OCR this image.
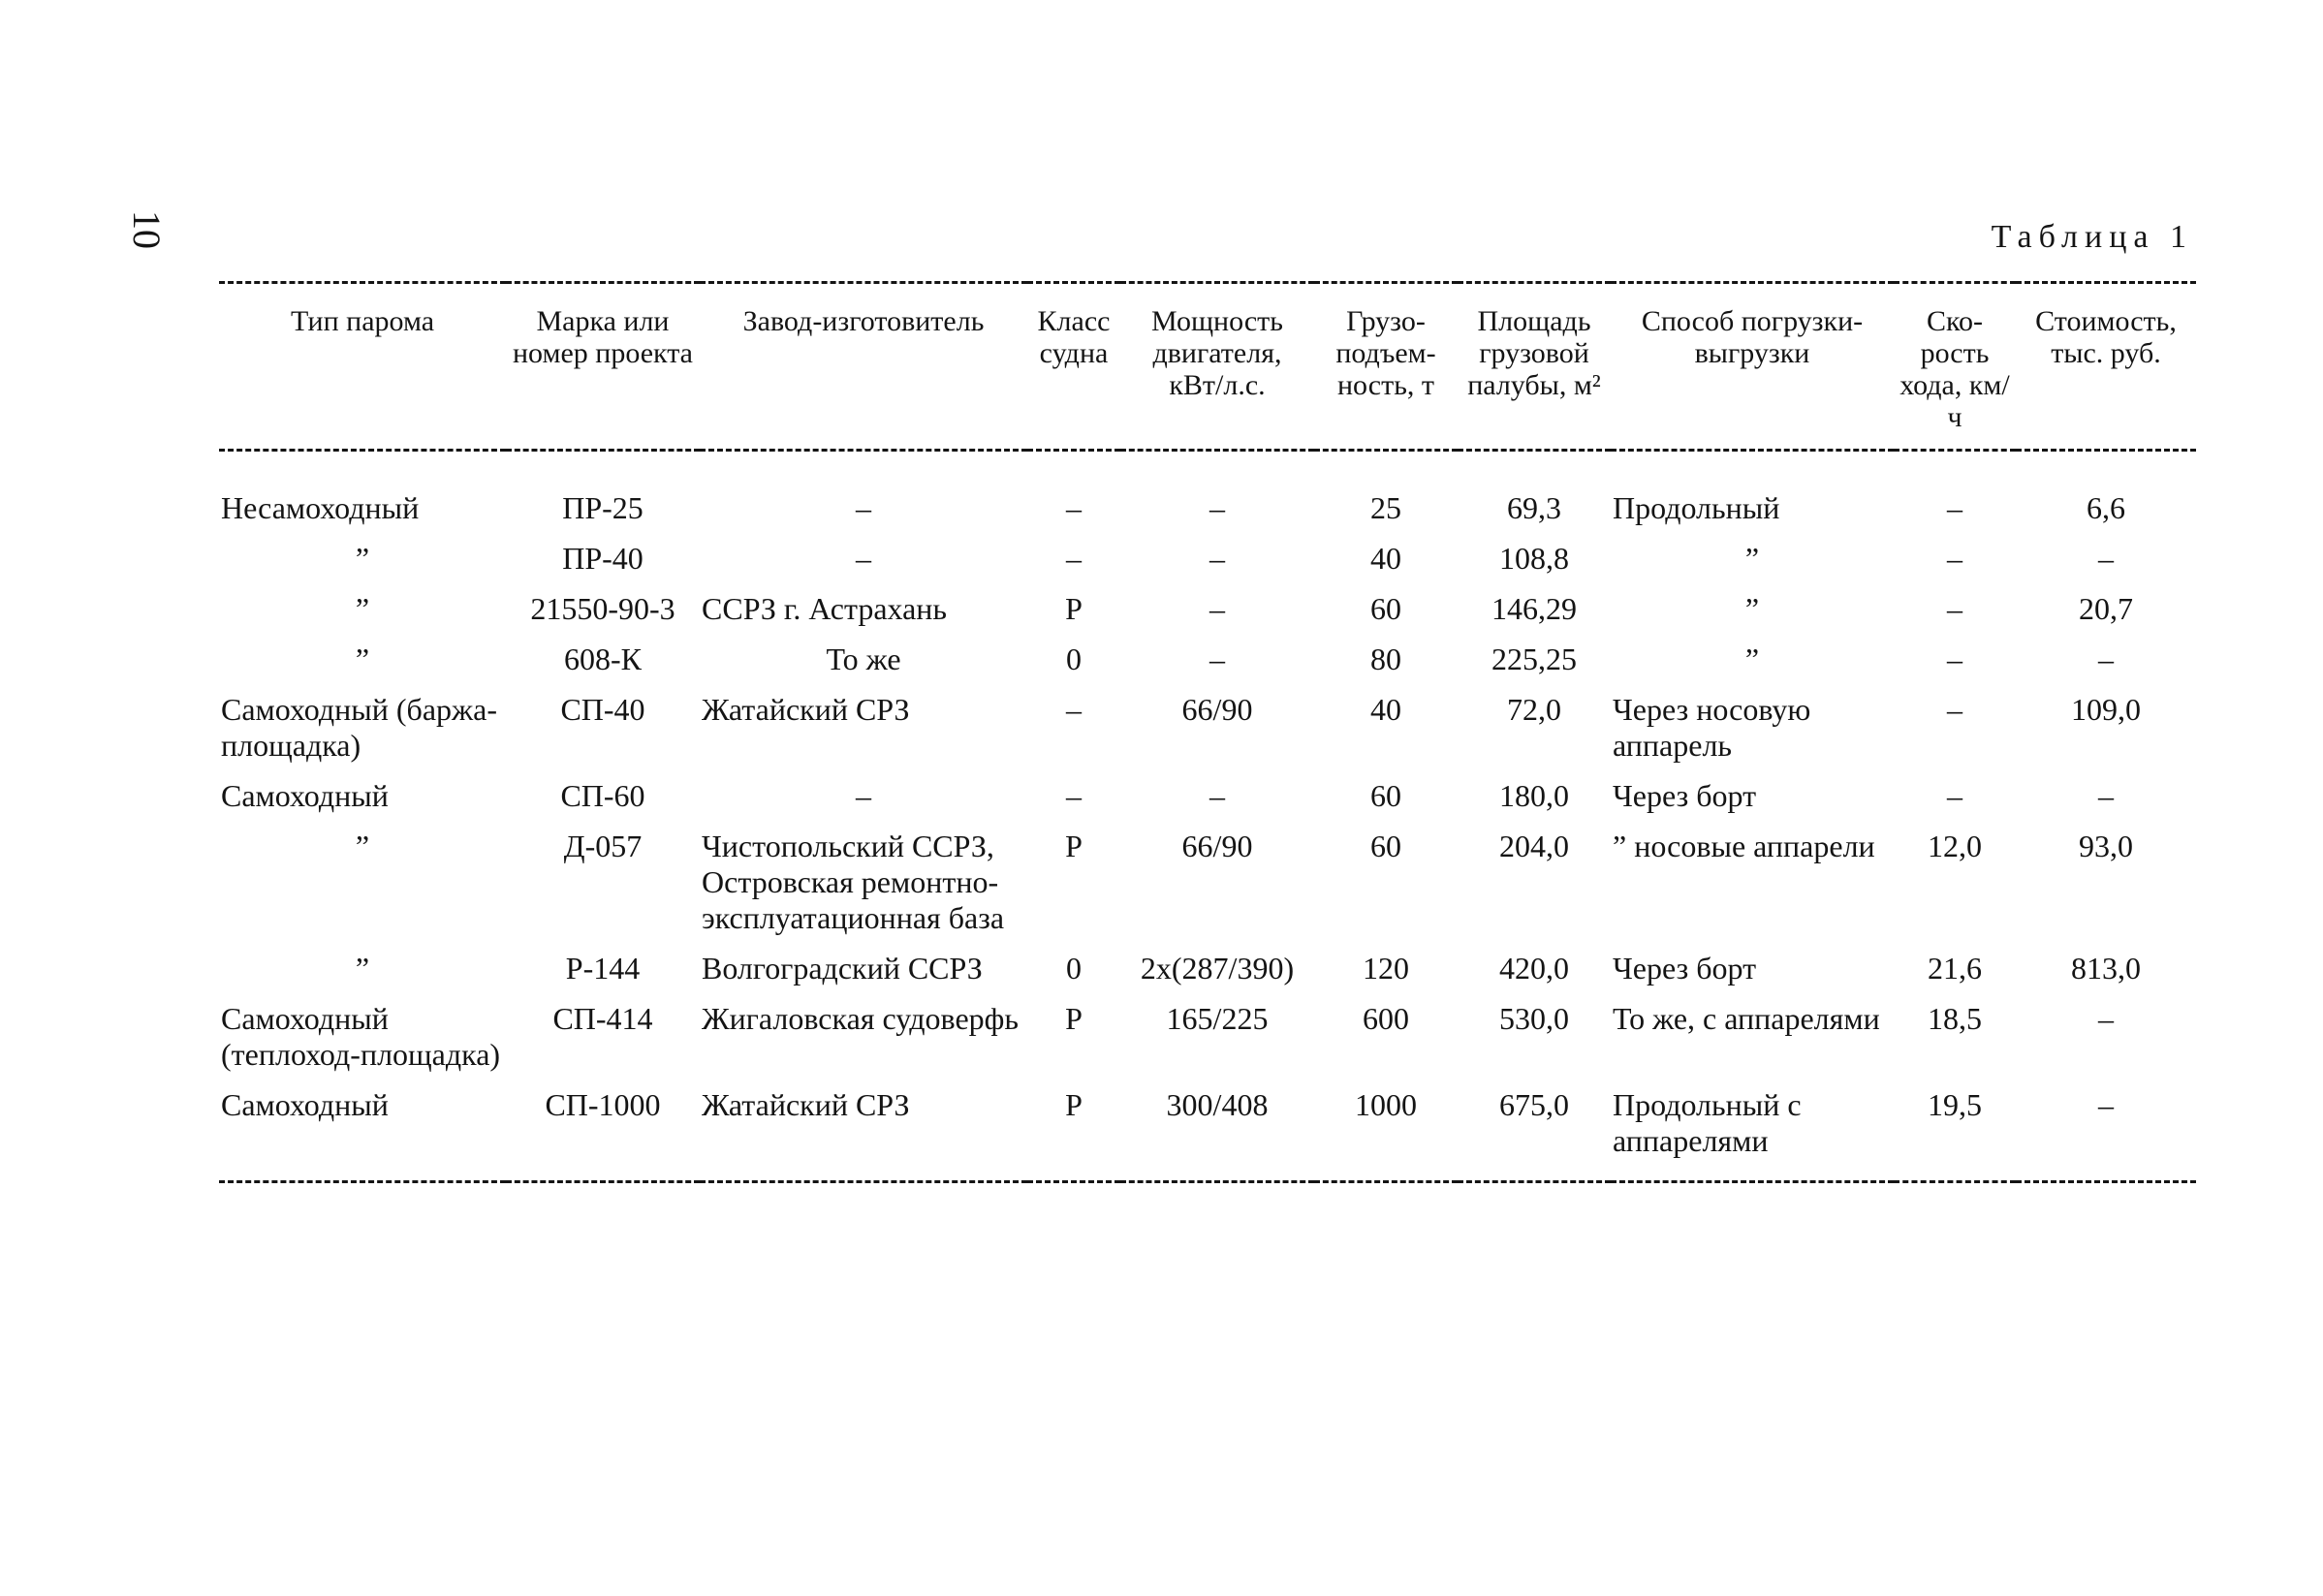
10	Таблица 1
Тип парома	Марка или номер проекта	Завод-изготовитель	Класс судна	Мощность двигателя, кВт/л.с.	Грузо-подъем-ность, т	Площадь грузовой палубы, м²	Способ погрузки-выгрузки	Ско-рость хода, км/ч	Стоимость, тыс. руб.
Несамоходный	ПР-25	–	–	–	25	69,3	Продольный	–	6,6
”	ПР-40	–	–	–	40	108,8	”	–	–
”	21550-90-3	ССРЗ г. Астрахань	Р	–	60	146,29	”	–	20,7
”	608-К	То же	0	–	80	225,25	”	–	–
Самоходный (баржа-площадка)	СП-40	Жатайский СРЗ	–	66/90	40	72,0	Через носовую аппарель	–	109,0
Самоходный	СП-60	–	–	–	60	180,0	Через борт	–	–
”	Д-057	Чистопольский ССРЗ, Островская ремонтно-эксплуатационная база	Р	66/90	60	204,0	” носовые аппарели	12,0	93,0
”	Р-144	Волгоградский ССРЗ	0	2х(287/390)	120	420,0	Через борт	21,6	813,0
Самоходный (теплоход-площадка)	СП-414	Жигаловская судоверфь	Р	165/225	600	530,0	То же, с аппарелями	18,5	–
Самоходный	СП-1000	Жатайский СРЗ	Р	300/408	1000	675,0	Продольный с аппарелями	19,5	–
